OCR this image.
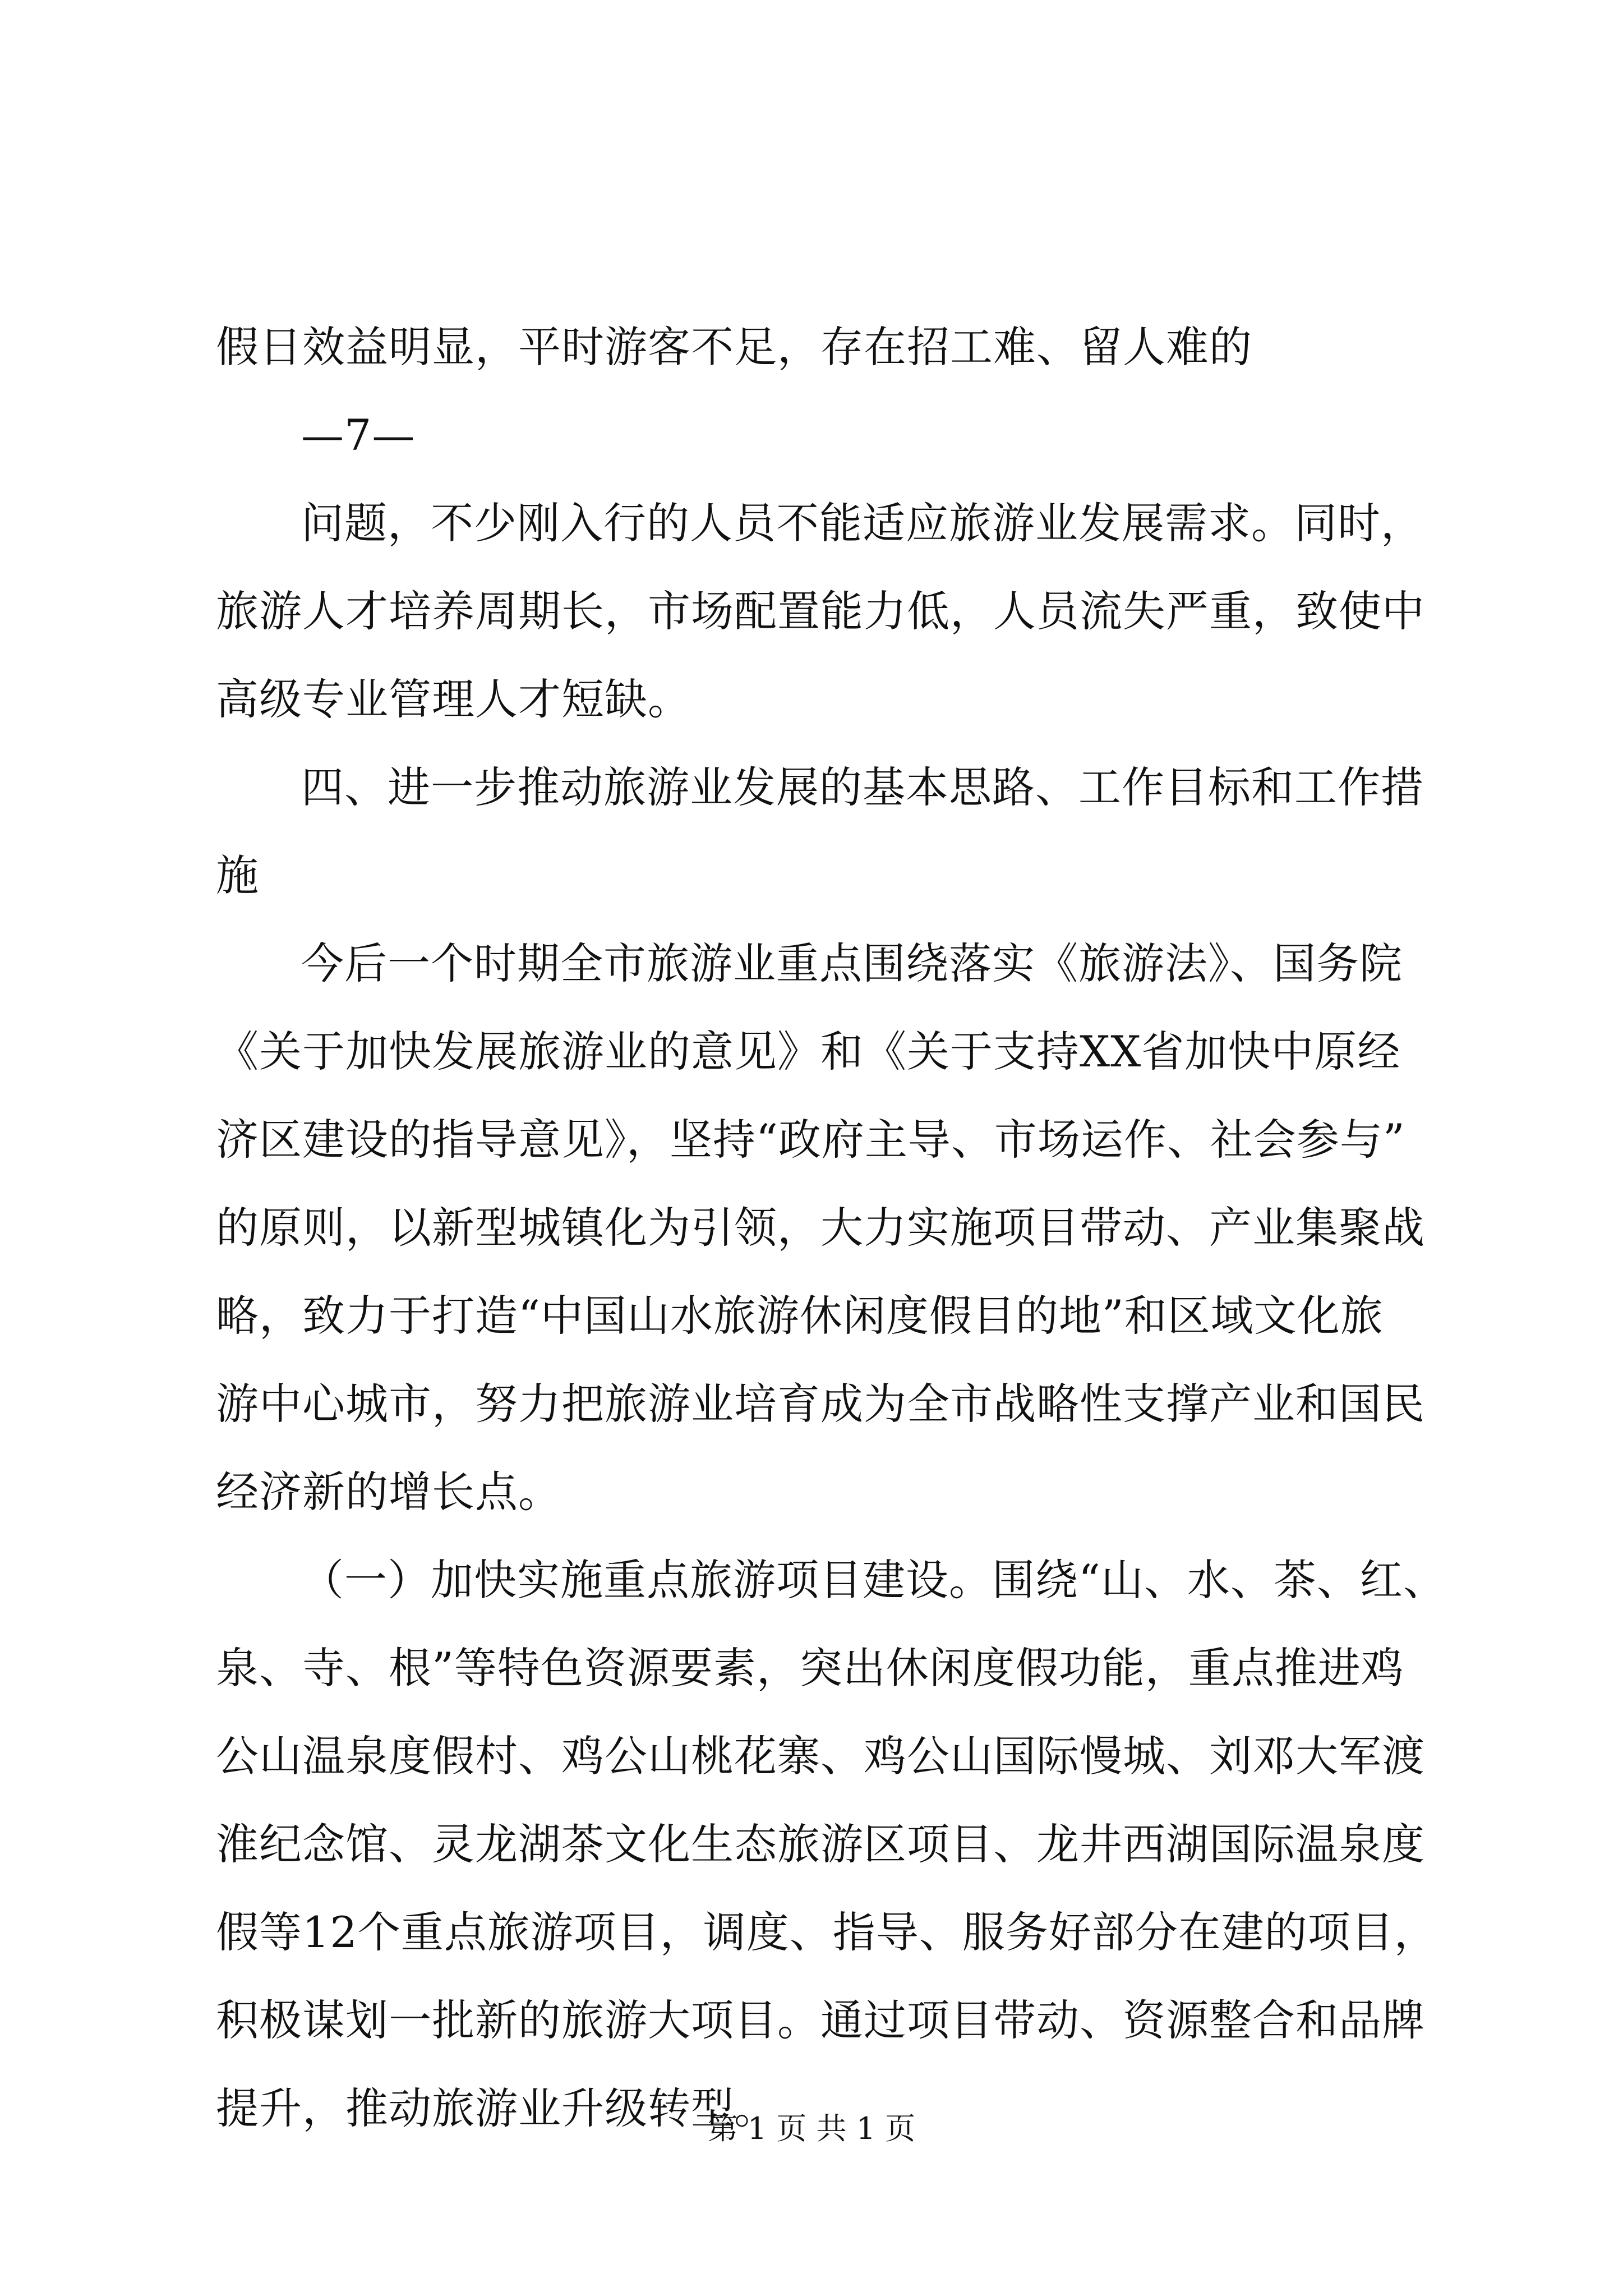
假日效益明显，平时游客不足，存在招工难、留人难的
—7—
问题，不少刚入行的人员不能适应旅游业发展需求。同时，
旅游人才培养周期长，市场配置能力低，人员流失严重，致使中
高级专业管理人才短缺。
四、进一步推动旅游业发展的基本思路、工作目标和工作措
施
今后一个时期全市旅游业重点围绕落实《旅游法》、国务院
《关于加快发展旅游业的意见》和《关于支持XX省加快中原经
济区建设的指导意见》，坚持“政府主导、市场运作、社会参与”
的原则，以新型城镇化为引领，大力实施项目带动、产业集聚战
略，致力于打造“中国山水旅游休闲度假目的地”和区域文化旅
游中心城市，努力把旅游业培育成为全市战略性支撑产业和国民
经济新的增长点。
（一）加快实施重点旅游项目建设。围绕“山、水、茶、红、
泉、寺、根”等特色资源要素，突出休闲度假功能，重点推进鸡
公山温泉度假村、鸡公山桃花寨、鸡公山国际慢城、刘邓大军渡
淮纪念馆、灵龙湖茶文化生态旅游区项目、龙井西湖国际温泉度
假等12个重点旅游项目，调度、指导、服务好部分在建的项目，
积极谋划一批新的旅游大项目。通过项目带动、资源整合和品牌
提升，推动旅游业升级转型。
第 1 页 共 1 页
